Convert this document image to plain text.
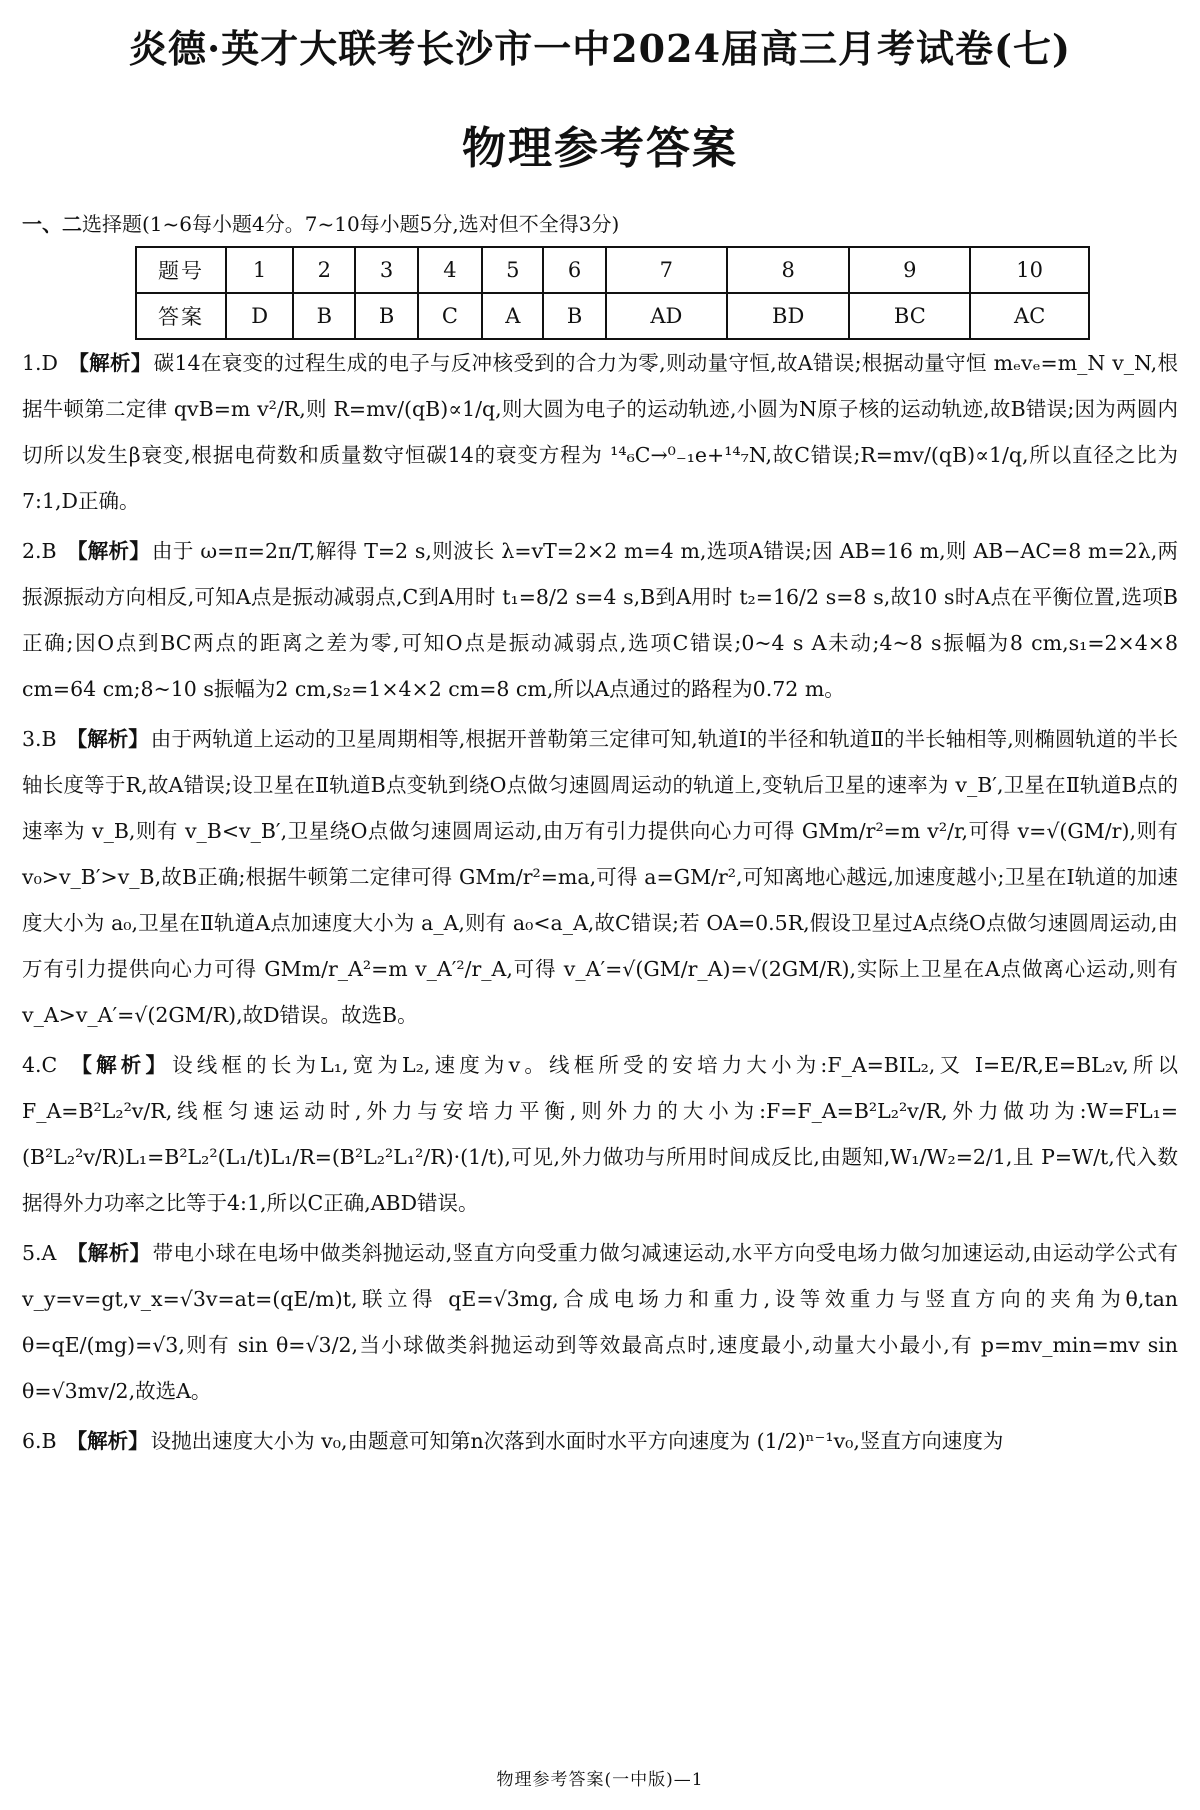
炎德·英才大联考长沙市一中2024届高三月考试卷(七)
物理参考答案
一、二选择题(1~6每小题4分。7~10每小题5分,选对但不全得3分)
题号	1	2	3	4	5	6	7	8	9	10
答案	D	B	B	C	A	B	AD	BD	BC	AC

1.D 【解析】碳14在衰变的过程生成的电子与反冲核受到的合力为零,则动量守恒,故A错误;根据动量守恒 mₑvₑ=m_N v_N,根据牛顿第二定律 qvB=m v²/R,则 R=mv/(qB)∝1/q,则大圆为电子的运动轨迹,小圆为N原子核的运动轨迹,故B错误;因为两圆内切所以发生β衰变,根据电荷数和质量数守恒碳14的衰变方程为 ¹⁴₆C→⁰₋₁e+¹⁴₇N,故C错误;R=mv/(qB)∝1/q,所以直径之比为7:1,D正确。

2.B 【解析】由于 ω=π=2π/T,解得 T=2 s,则波长 λ=vT=2×2 m=4 m,选项A错误;因 AB=16 m,则 AB−AC=8 m=2λ,两振源振动方向相反,可知A点是振动减弱点,C到A用时 t₁=8/2 s=4 s,B到A用时 t₂=16/2 s=8 s,故10 s时A点在平衡位置,选项B正确;因O点到BC两点的距离之差为零,可知O点是振动减弱点,选项C错误;0~4 s A未动;4~8 s振幅为8 cm,s₁=2×4×8 cm=64 cm;8~10 s振幅为2 cm,s₂=1×4×2 cm=8 cm,所以A点通过的路程为0.72 m。

3.B 【解析】由于两轨道上运动的卫星周期相等,根据开普勒第三定律可知,轨道Ⅰ的半径和轨道Ⅱ的半长轴相等,则椭圆轨道的半长轴长度等于R,故A错误;设卫星在Ⅱ轨道B点变轨到绕O点做匀速圆周运动的轨道上,变轨后卫星的速率为 v_B′,卫星在Ⅱ轨道B点的速率为 v_B,则有 v_B<v_B′,卫星绕O点做匀速圆周运动,由万有引力提供向心力可得 GMm/r²=m v²/r,可得 v=√(GM/r),则有 v₀>v_B′>v_B,故B正确;根据牛顿第二定律可得 GMm/r²=ma,可得 a=GM/r²,可知离地心越远,加速度越小;卫星在Ⅰ轨道的加速度大小为 a₀,卫星在Ⅱ轨道A点加速度大小为 a_A,则有 a₀<a_A,故C错误;若 OA=0.5R,假设卫星过A点绕O点做匀速圆周运动,由万有引力提供向心力可得 GMm/r_A²=m v_A′²/r_A,可得 v_A′=√(GM/r_A)=√(2GM/R),实际上卫星在A点做离心运动,则有 v_A>v_A′=√(2GM/R),故D错误。故选B。

4.C 【解析】设线框的长为L₁,宽为L₂,速度为v。线框所受的安培力大小为:F_A=BIL₂,又 I=E/R,E=BL₂v,所以 F_A=B²L₂²v/R,线框匀速运动时,外力与安培力平衡,则外力的大小为:F=F_A=B²L₂²v/R,外力做功为:W=FL₁=(B²L₂²v/R)L₁=B²L₂²(L₁/t)L₁/R=(B²L₂²L₁²/R)·(1/t),可见,外力做功与所用时间成反比,由题知,W₁/W₂=2/1,且 P=W/t,代入数据得外力功率之比等于4:1,所以C正确,ABD错误。

5.A 【解析】带电小球在电场中做类斜抛运动,竖直方向受重力做匀减速运动,水平方向受电场力做匀加速运动,由运动学公式有 v_y=v=gt,v_x=√3v=at=(qE/m)t,联立得 qE=√3mg,合成电场力和重力,设等效重力与竖直方向的夹角为θ,tan θ=qE/(mg)=√3,则有 sin θ=√3/2,当小球做类斜抛运动到等效最高点时,速度最小,动量大小最小,有 p=mv_min=mv sin θ=√3mv/2,故选A。

6.B 【解析】设抛出速度大小为 v₀,由题意可知第n次落到水面时水平方向速度为 (1/2)ⁿ⁻¹v₀,竖直方向速度为

物理参考答案(一中版)—1
